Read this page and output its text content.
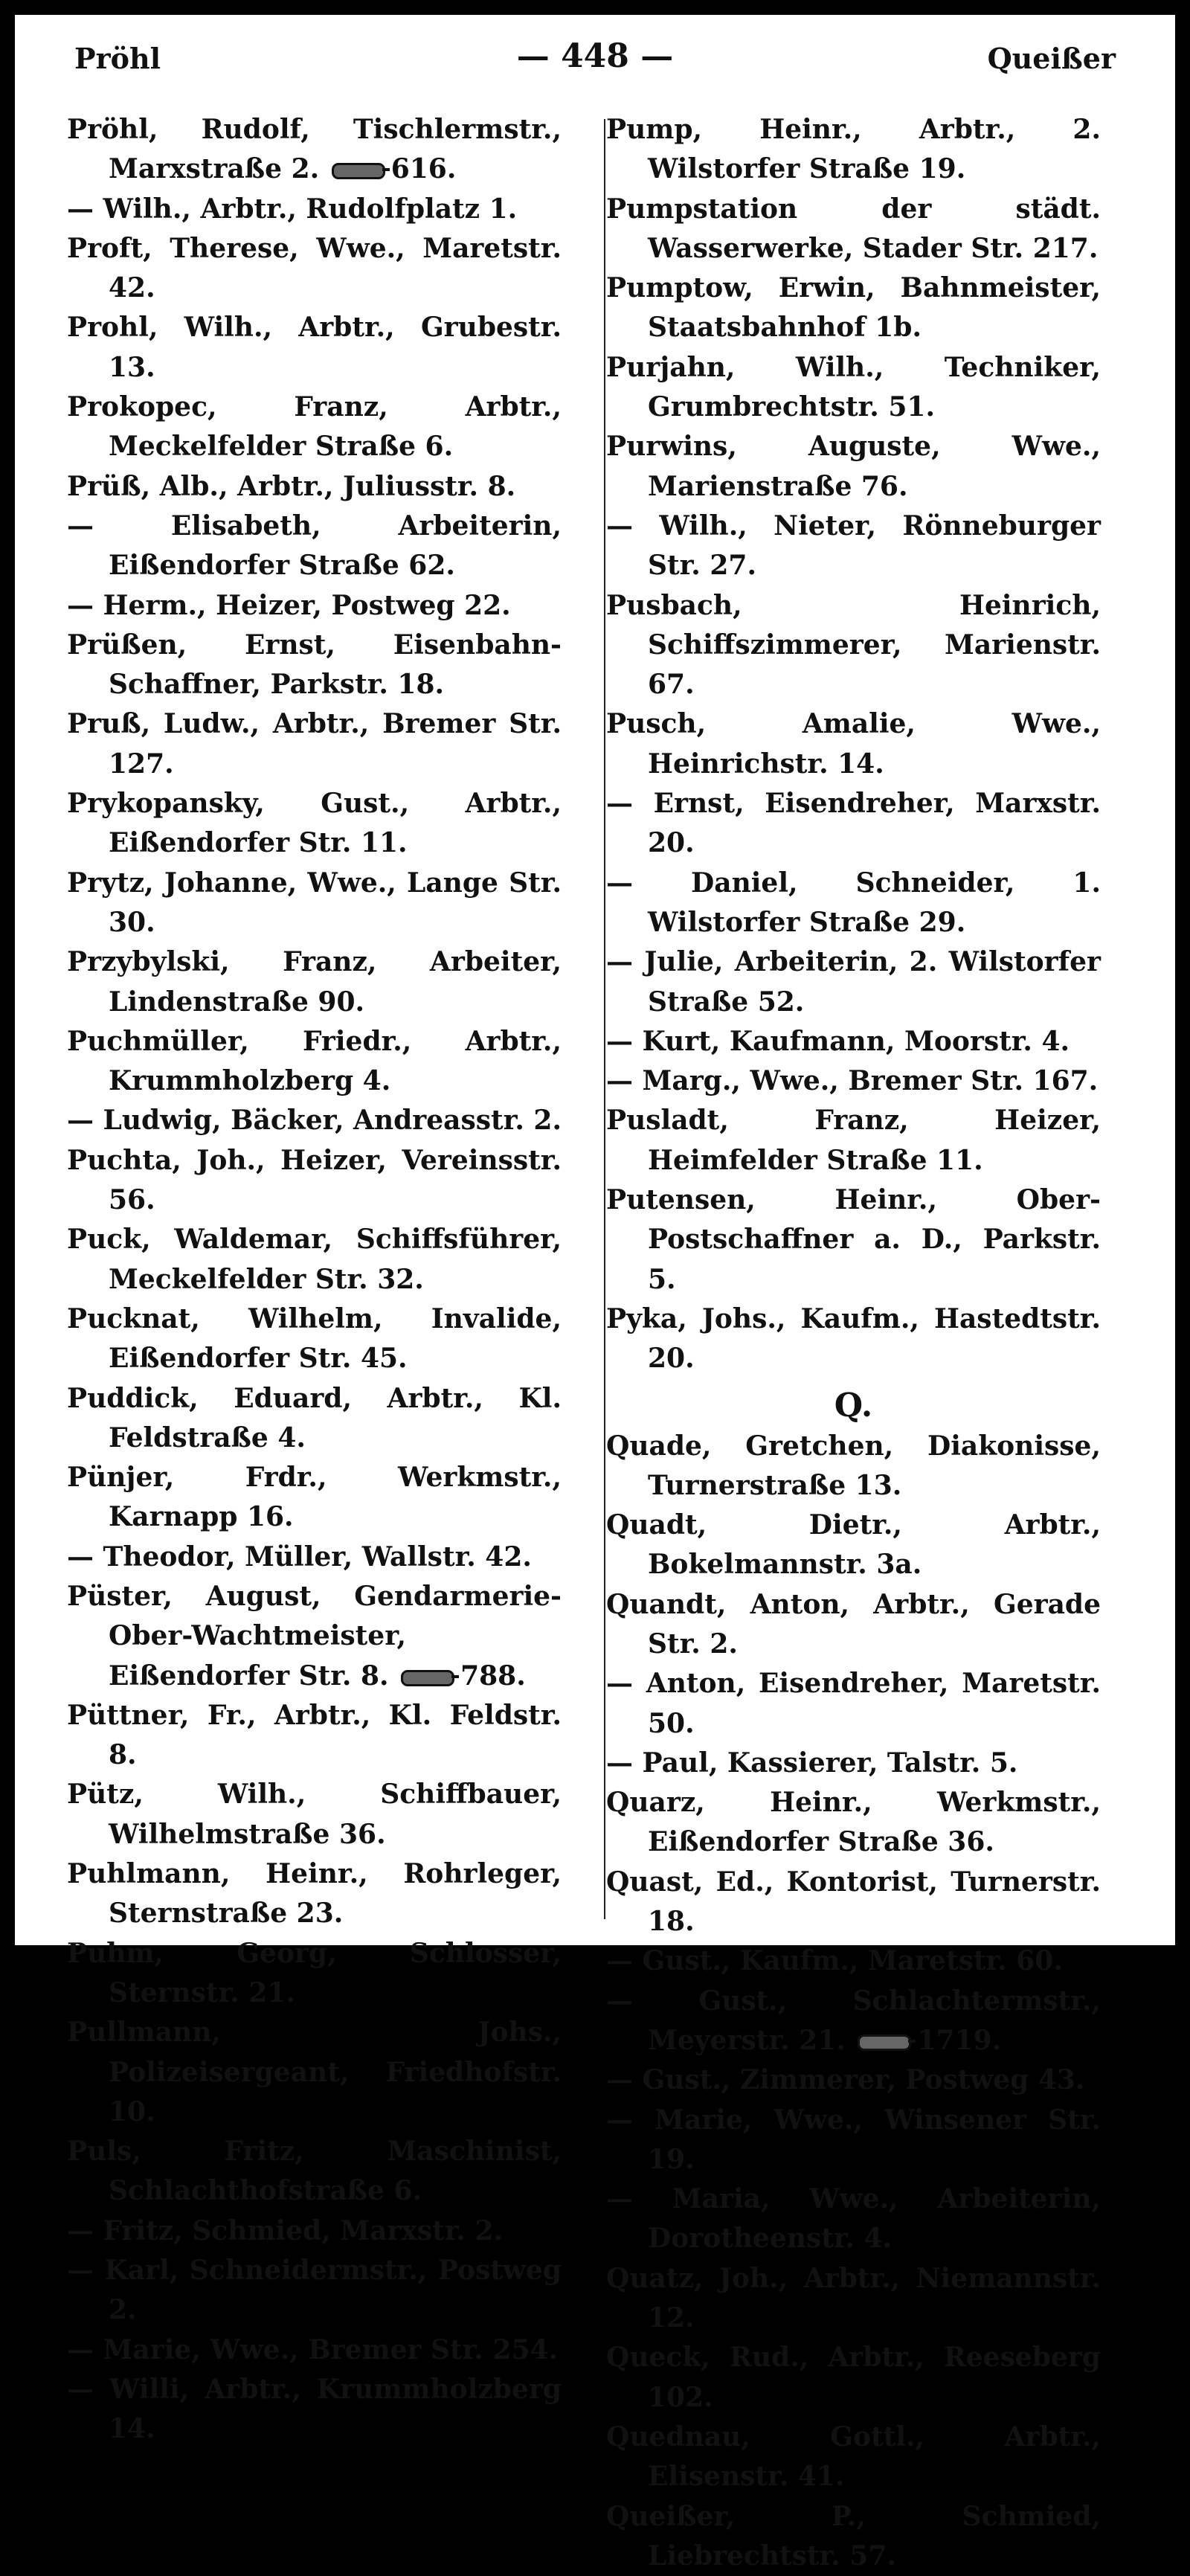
Pröhl	— 448 —	Queißer

Pröhl, Rudolf, Tischlermstr., Marxstraße 2. 616.

— Wilh., Arbtr., Rudolfplatz 1.

Proft, Therese, Wwe., Maretstr. 42.

Prohl, Wilh., Arbtr., Grubestr. 13.

Prokopec, Franz, Arbtr., Meckelfelder Straße 6.

Prüß, Alb., Arbtr., Juliusstr. 8.

— Elisabeth, Arbeiterin, Eißendorfer Straße 62.

— Herm., Heizer, Postweg 22.

Prüßen, Ernst, Eisenbahn-Schaffner, Parkstr. 18.

Pruß, Ludw., Arbtr., Bremer Str. 127.

Prykopansky, Gust., Arbtr., Eißendorfer Str. 11.

Prytz, Johanne, Wwe., Lange Str. 30.

Przybylski, Franz, Arbeiter, Lindenstraße 90.

Puchmüller, Friedr., Arbtr., Krummholzberg 4.

— Ludwig, Bäcker, Andreasstr. 2.

Puchta, Joh., Heizer, Vereinsstr. 56.

Puck, Waldemar, Schiffsführer, Meckelfelder Str. 32.

Pucknat, Wilhelm, Invalide, Eißendorfer Str. 45.

Puddick, Eduard, Arbtr., Kl. Feldstraße 4.

Pünjer, Frdr., Werkmstr., Karnapp 16.

— Theodor, Müller, Wallstr. 42.

Püster, August, Gendarmerie-Ober-Wachtmeister, Eißendorfer Str. 8. 788.

Püttner, Fr., Arbtr., Kl. Feldstr. 8.

Pütz, Wilh., Schiffbauer, Wilhelmstraße 36.

Puhlmann, Heinr., Rohrleger, Sternstraße 23.

Puhm, Georg, Schlosser, Sternstr. 21.

Pullmann, Johs., Polizeisergeant, Friedhofstr. 10.

Puls, Fritz, Maschinist, Schlachthofstraße 6.

— Fritz, Schmied, Marxstr. 2.

— Karl, Schneidermstr., Postweg 2.

— Marie, Wwe., Bremer Str. 254.

— Willi, Arbtr., Krummholzberg 14.

Pump, Heinr., Arbtr., 2. Wilstorfer Straße 19.

Pumpstation der städt. Wasserwerke, Stader Str. 217.

Pumptow, Erwin, Bahnmeister, Staatsbahnhof 1b.

Purjahn, Wilh., Techniker, Grumbrechtstr. 51.

Purwins, Auguste, Wwe., Marienstraße 76.

— Wilh., Nieter, Rönneburger Str. 27.

Pusbach, Heinrich, Schiffszimmerer, Marienstr. 67.

Pusch, Amalie, Wwe., Heinrichstr. 14.

— Ernst, Eisendreher, Marxstr. 20.

— Daniel, Schneider, 1. Wilstorfer Straße 29.

— Julie, Arbeiterin, 2. Wilstorfer Straße 52.

— Kurt, Kaufmann, Moorstr. 4.

— Marg., Wwe., Bremer Str. 167.

Pusladt, Franz, Heizer, Heimfelder Straße 11.

Putensen, Heinr., Ober-Postschaffner a. D., Parkstr. 5.

Pyka, Johs., Kaufm., Hastedtstr. 20.

Q.

Quade, Gretchen, Diakonisse, Turnerstraße 13.

Quadt, Dietr., Arbtr., Bokelmannstr. 3a.

Quandt, Anton, Arbtr., Gerade Str. 2.

— Anton, Eisendreher, Maretstr. 50.

— Paul, Kassierer, Talstr. 5.

Quarz, Heinr., Werkmstr., Eißendorfer Straße 36.

Quast, Ed., Kontorist, Turnerstr. 18.

— Gust., Kaufm., Maretstr. 60.

— Gust., Schlachtermstr., Meyerstr. 21. 1719.

— Gust., Zimmerer, Postweg 43.

— Marie, Wwe., Winsener Str. 19.

— Maria, Wwe., Arbeiterin, Dorotheenstr. 4.

Quatz, Joh., Arbtr., Niemannstr. 12.

Queck, Rud., Arbtr., Reeseberg 102.

Quednau, Gottl., Arbtr., Elisenstr. 41.

Queißer, P., Schmied, Liebrechtstr. 57.
